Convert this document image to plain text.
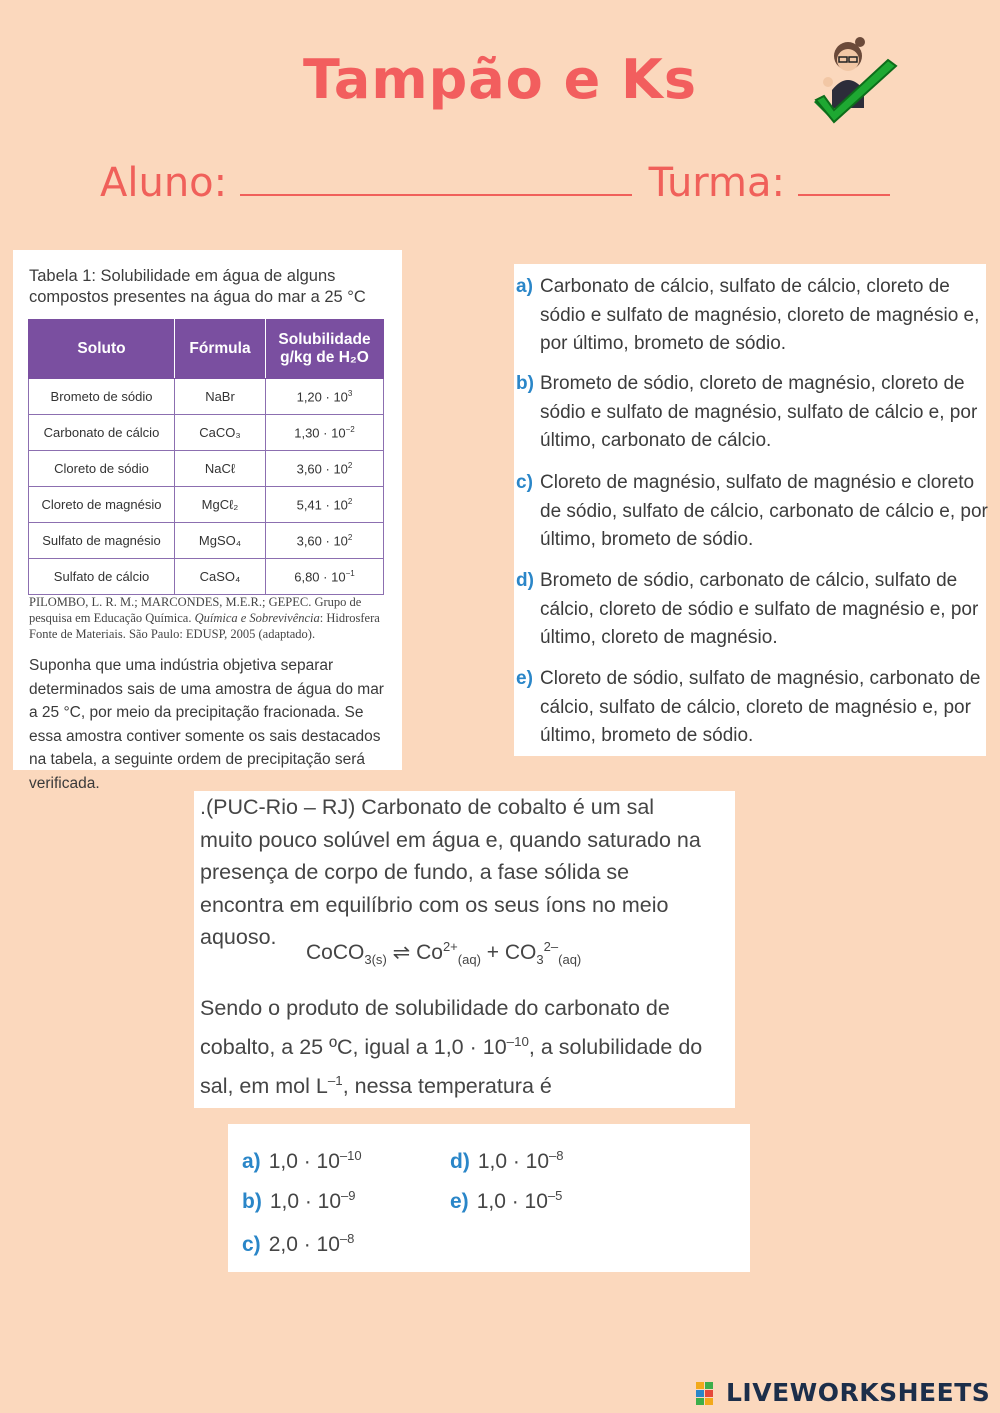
Tampão e Ks
Aluno:	Turma:
Tabela 1: Solubilidade em água de alguns compostos presentes na água do mar a 25 °C
Soluto	Fórmula	Solubilidade g/kg de H₂O
Brometo de sódio	NaBr	$1,20 \cdot 10^3$
Carbonato de cálcio	CaCO₃	$1,30 \cdot 10^{-2}$
Cloreto de sódio	NaCℓ	$3,60 \cdot 10^2$
Cloreto de magnésio	MgCℓ₂	$5,41 \cdot 10^2$
Sulfato de magnésio	MgSO₄	$3,60 \cdot 10^2$
Sulfato de cálcio	CaSO₄	$6,80 \cdot 10^{-1}$
PILOMBO, L. R. M.; MARCONDES, M.E.R.; GEPEC. Grupo de pesquisa em Educação Química. Química e Sobrevivência: Hidrosfera Fonte de Materiais. São Paulo: EDUSP, 2005 (adaptado).
Suponha que uma indústria objetiva separar determinados sais de uma amostra de água do mar a 25 °C, por meio da precipitação fracionada. Se essa amostra contiver somente os sais destacados na tabela, a seguinte ordem de precipitação será verificada.
a) Carbonato de cálcio, sulfato de cálcio, cloreto de sódio e sulfato de magnésio, cloreto de magnésio e, por último, brometo de sódio.
b) Brometo de sódio, cloreto de magnésio, cloreto de sódio e sulfato de magnésio, sulfato de cálcio e, por último, carbonato de cálcio.
c) Cloreto de magnésio, sulfato de magnésio e cloreto de sódio, sulfato de cálcio, carbonato de cálcio e, por último, brometo de sódio.
d) Brometo de sódio, carbonato de cálcio, sulfato de cálcio, cloreto de sódio e sulfato de magnésio e, por último, cloreto de magnésio.
e) Cloreto de sódio, sulfato de magnésio, carbonato de cálcio, sulfato de cálcio, cloreto de magnésio e, por último, brometo de sódio.
.(PUC-Rio – RJ) Carbonato de cobalto é um sal muito pouco solúvel em água e, quando saturado na presença de corpo de fundo, a fase sólida se encontra em equilíbrio com os seus íons no meio aquoso.
CoCO$_{3(s)}$ ⇌ $Co^{2+}_{(aq)} + CO_3^{2-}_{(aq)}$
Sendo o produto de solubilidade do carbonato de cobalto, a 25 ºC, igual a $1,0 \cdot 10^{-10}$, a solubilidade do sal, em mol $L^{-1}$, nessa temperatura é
a) $1,0 \cdot 10^{-10}$
b) $1,0 \cdot 10^{-9}$
c) $2,0 \cdot 10^{-8}$
d) $1,0 \cdot 10^{-8}$
e) $1,0 \cdot 10^{-5}$
LIVEWORKSHEETS
